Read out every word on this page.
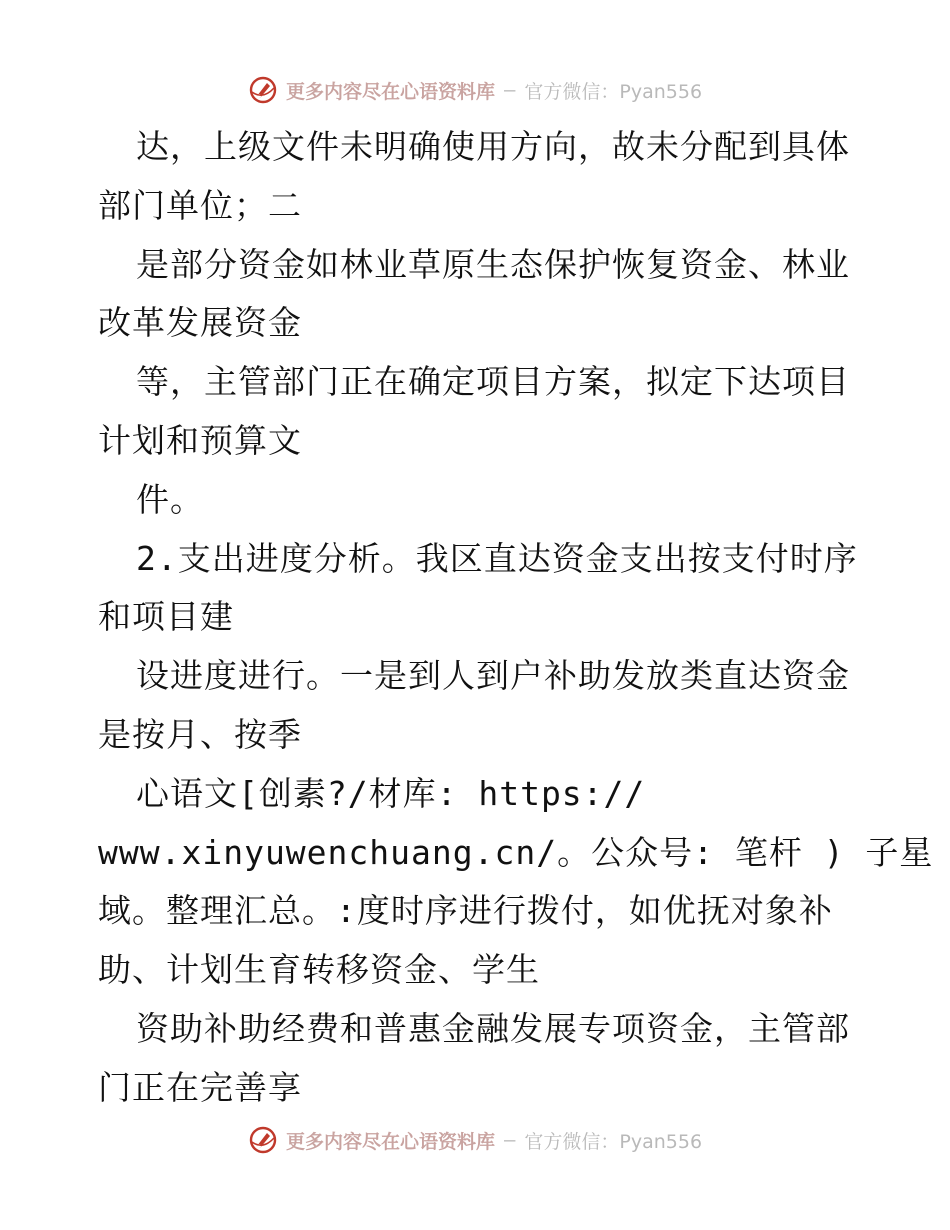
更多内容尽在心语资料库 — 官方微信：Pyan556
达，上级文件未明确使用方向，故未分配到具体
部门单位；二
是部分资金如林业草原生态保护恢复资金、林业
改革发展资金
等，主管部门正在确定项目方案，拟定下达项目
计划和预算文
件。
2.支出进度分析。我区直达资金支出按支付时序
和项目建
设进度进行。一是到人到户补助发放类直达资金
是按月、按季
心语文[创素?/材库: https://
www.xinyuwenchuang.cn/。公众号: 笔杆 ) 子星
域。整理汇总。:度时序进行拨付，如优抚对象补
助、计划生育转移资金、学生
资助补助经费和普惠金融发展专项资金，主管部
门正在完善享
更多内容尽在心语资料库 — 官方微信：Pyan556
